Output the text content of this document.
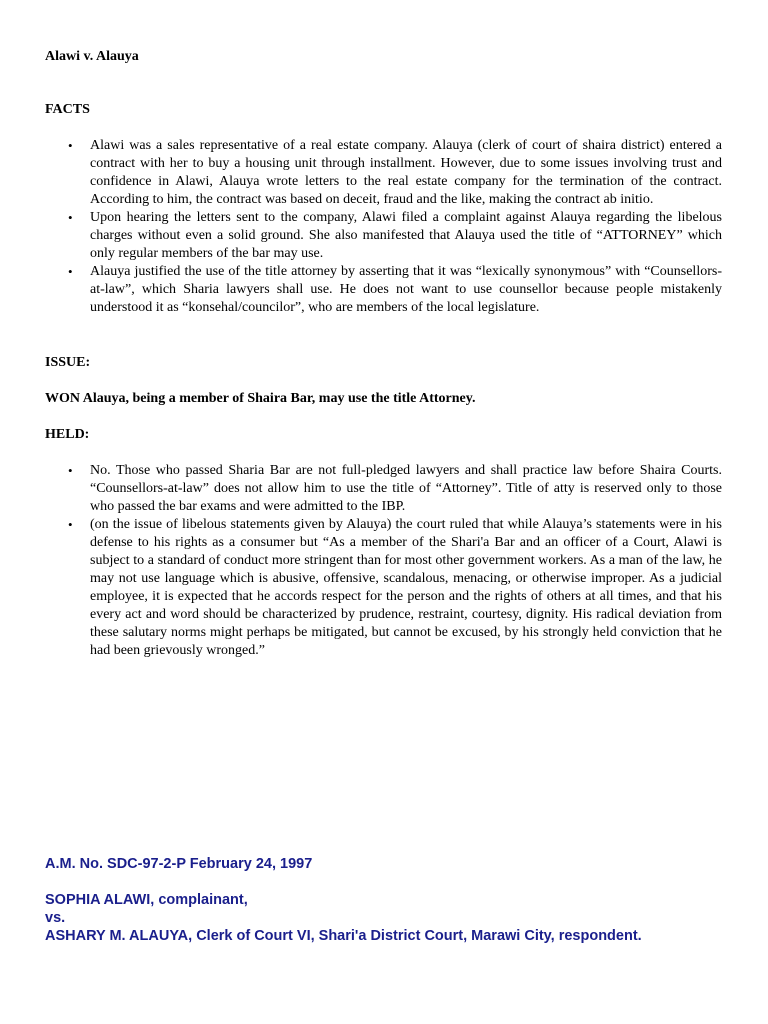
Alawi v. Alauya

FACTS

• Alawi was a sales representative of a real estate company. Alauya (clerk of court of shaira district) entered a contract with her to buy a housing unit through installment. However, due to some issues involving trust and confidence in Alawi, Alauya wrote letters to the real estate company for the termination of the contract. According to him, the contract was based on deceit, fraud and the like, making the contract ab initio.
• Upon hearing the letters sent to the company, Alawi filed a complaint against Alauya regarding the libelous charges without even a solid ground. She also manifested that Alauya used the title of “ATTORNEY” which only regular members of the bar may use.
• Alauya justified the use of the title attorney by asserting that it was “lexically synonymous” with “Counsellors-at-law”, which Sharia lawyers shall use. He does not want to use counsellor because people mistakenly understood it as “konsehal/councilor”, who are members of the local legislature.

ISSUE:

WON Alauya, being a member of Shaira Bar, may use the title Attorney.

HELD:

• No. Those who passed Sharia Bar are not full-pledged lawyers and shall practice law before Shaira Courts. “Counsellors-at-law” does not allow him to use the title of “Attorney”. Title of atty is reserved only to those who passed the bar exams and were admitted to the IBP.
• (on the issue of libelous statements given by Alauya) the court ruled that while Alauya’s statements were in his defense to his rights as a consumer but “As a member of the Shari'a Bar and an officer of a Court, Alawi is subject to a standard of conduct more stringent than for most other government workers. As a man of the law, he may not use language which is abusive, offensive, scandalous, menacing, or otherwise improper. As a judicial employee, it is expected that he accords respect for the person and the rights of others at all times, and that his every act and word should be characterized by prudence, restraint, courtesy, dignity. His radical deviation from these salutary norms might perhaps be mitigated, but cannot be excused, by his strongly held conviction that he had been grievously wronged.”

A.M. No. SDC-97-2-P February 24, 1997

SOPHIA ALAWI, complainant,

vs.

ASHARY M. ALAUYA, Clerk of Court VI, Shari'a District Court, Marawi City, respondent.
